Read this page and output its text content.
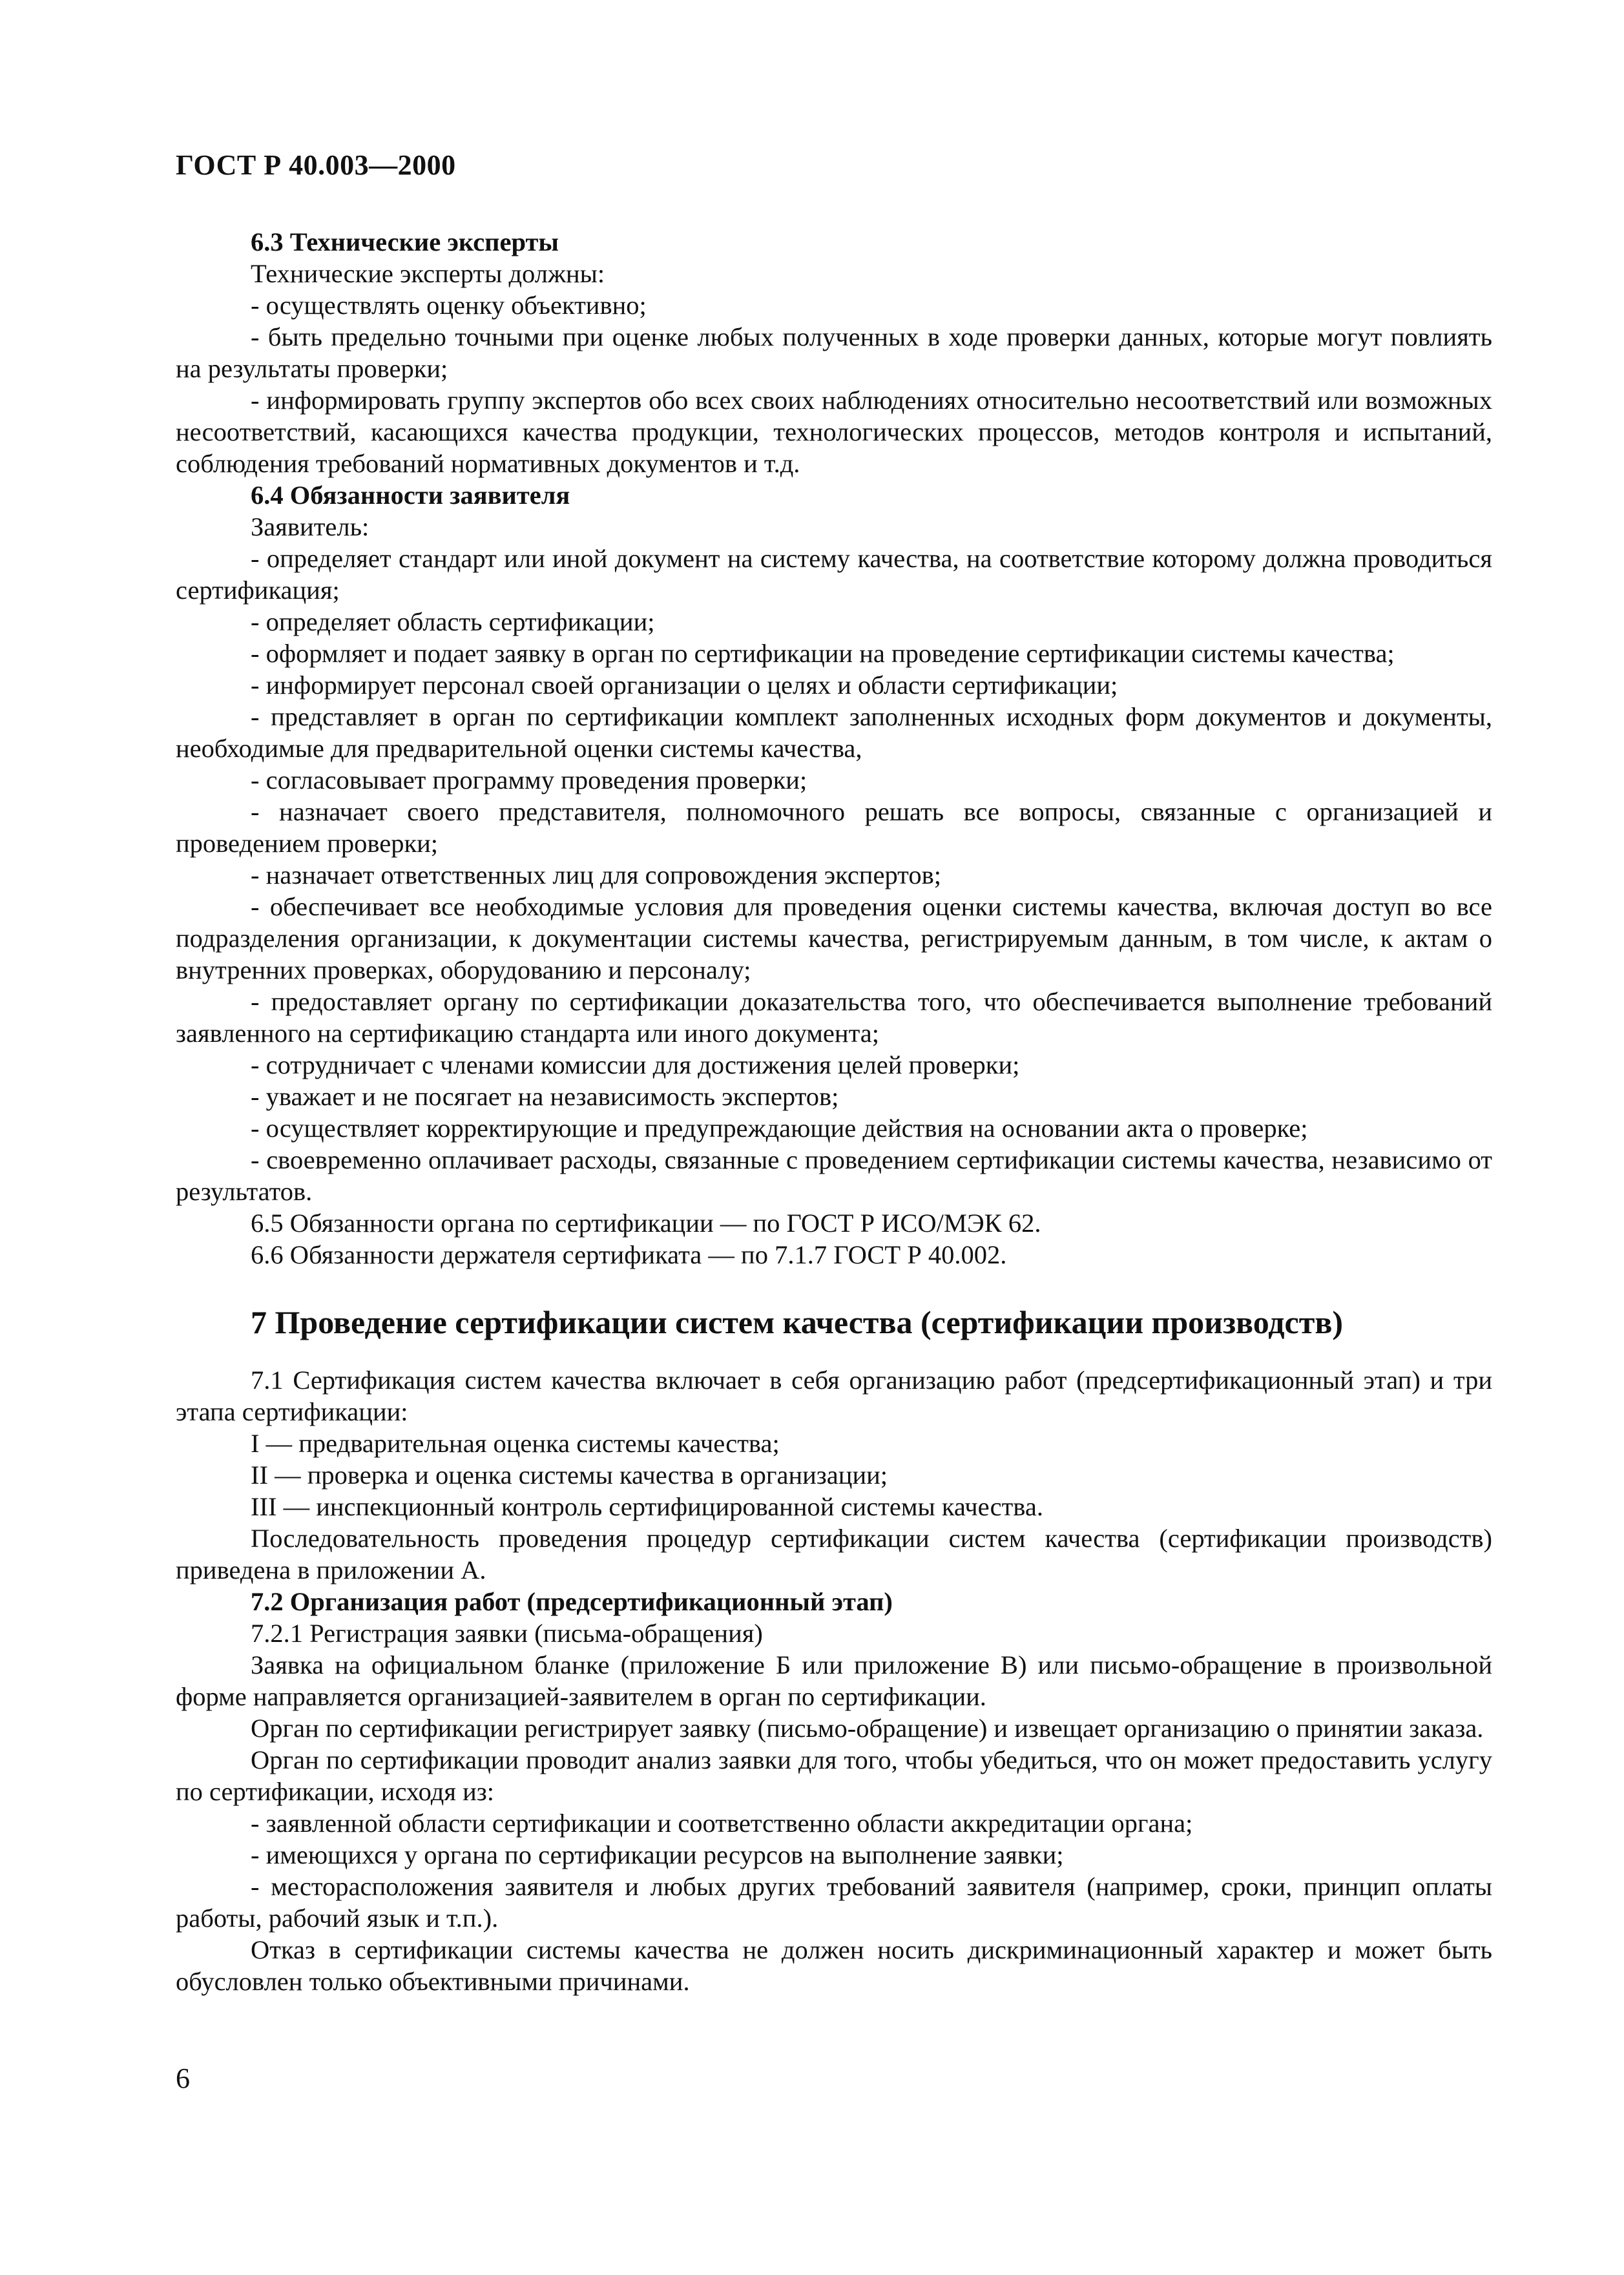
ГОСТ Р 40.003—2000

6.3 Технические эксперты

Технические эксперты должны:

- осуществлять оценку объективно;

- быть предельно точными при оценке любых полученных в ходе проверки данных, которые могут повлиять на результаты проверки;

- информировать группу экспертов обо всех своих наблюдениях относительно несоответствий или возможных несоответствий, касающихся качества продукции, технологических процессов, методов контроля и испытаний, соблюдения требований нормативных документов и т.д.

6.4 Обязанности заявителя

Заявитель:

- определяет стандарт или иной документ на систему качества, на соответствие которому должна проводиться сертификация;

- определяет область сертификации;

- оформляет и подает заявку в орган по сертификации на проведение сертификации системы качества;

- информирует персонал своей организации о целях и области сертификации;

- представляет в орган по сертификации комплект заполненных исходных форм документов и документы, необходимые для предварительной оценки системы качества,

- согласовывает программу проведения проверки;

- назначает своего представителя, полномочного решать все вопросы, связанные с организацией и проведением проверки;

- назначает ответственных лиц для сопровождения экспертов;

- обеспечивает все необходимые условия для проведения оценки системы качества, включая доступ во все подразделения организации, к документации системы качества, регистрируемым данным, в том числе, к актам о внутренних проверках, оборудованию и персоналу;

- предоставляет органу по сертификации доказательства того, что обеспечивается выполнение требований заявленного на сертификацию стандарта или иного документа;

- сотрудничает с членами комиссии для достижения целей проверки;

- уважает и не посягает на независимость экспертов;

- осуществляет корректирующие и предупреждающие действия на основании акта о проверке;

- своевременно оплачивает расходы, связанные с проведением сертификации системы качества, независимо от результатов.

6.5 Обязанности органа по сертификации — по ГОСТ Р ИСО/МЭК 62.

6.6 Обязанности держателя сертификата — по 7.1.7 ГОСТ Р 40.002.

7 Проведение сертификации систем качества (сертификации производств)

7.1 Сертификация систем качества включает в себя организацию работ (предсертификационный этап) и три этапа сертификации:

I — предварительная оценка системы качества;

II — проверка и оценка системы качества в организации;

III — инспекционный контроль сертифицированной системы качества.

Последовательность проведения процедур сертификации систем качества (сертификации производств) приведена в приложении А.

7.2 Организация работ (предсертификационный этап)

7.2.1 Регистрация заявки (письма-обращения)

Заявка на официальном бланке (приложение Б или приложение В) или письмо-обращение в произвольной форме направляется организацией-заявителем в орган по сертификации.

Орган по сертификации регистрирует заявку (письмо-обращение) и извещает организацию о принятии заказа.

Орган по сертификации проводит анализ заявки для того, чтобы убедиться, что он может предоставить услугу по сертификации, исходя из:

- заявленной области сертификации и соответственно области аккредитации органа;

- имеющихся у органа по сертификации ресурсов на выполнение заявки;

- месторасположения заявителя и любых других требований заявителя (например, сроки, принцип оплаты работы, рабочий язык и т.п.).

Отказ в сертификации системы качества не должен носить дискриминационный характер и может быть обусловлен только объективными причинами.

6
